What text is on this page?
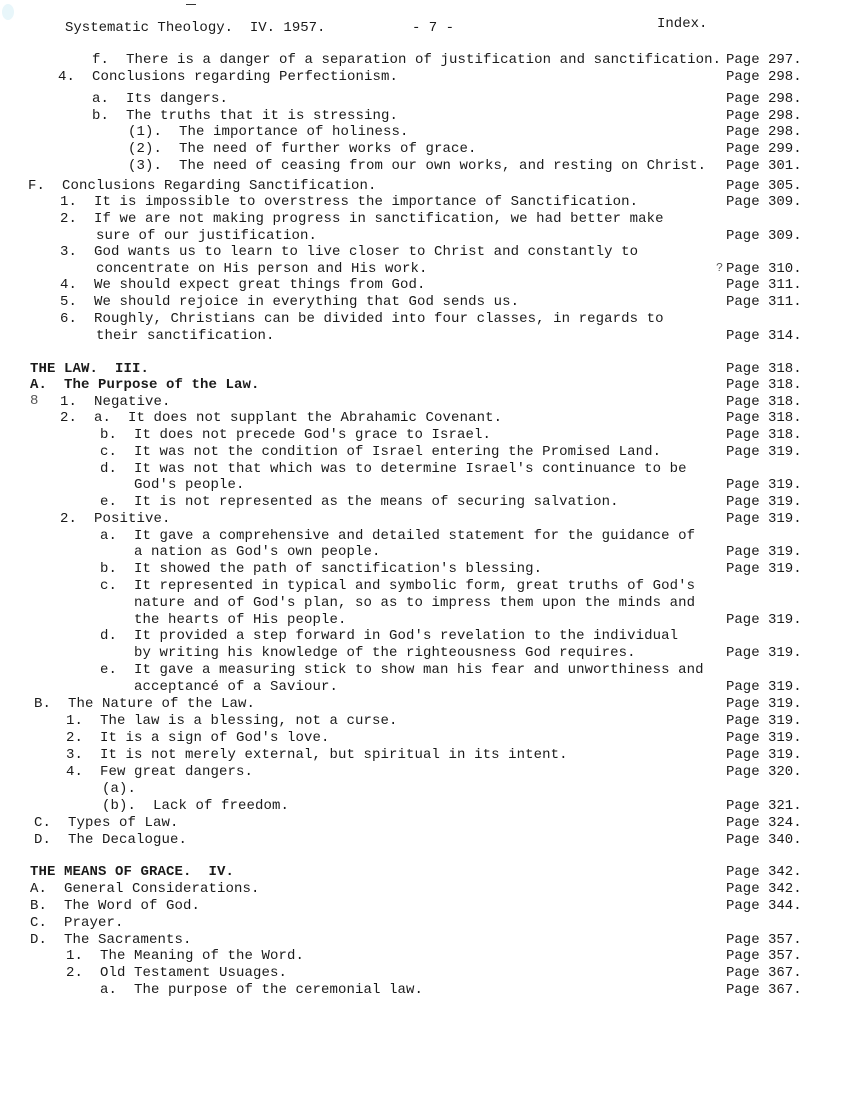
Systematic Theology.  IV. 1957.	- 7 -	Index.
f.  There is a danger of a separation of justification and sanctification. Page 297.
4.  Conclusions regarding Perfectionism.	Page 298.
a.  Its dangers.	Page 298.
b.  The truths that it is stressing.	Page 298.
(1).  The importance of holiness.	Page 298.
(2).  The need of further works of grace.	Page 299.
(3).  The need of ceasing from our own works, and resting on Christ. Page 301.
F.  Conclusions Regarding Sanctification.	Page 305.
1.  It is impossible to overstress the importance of Sanctification.	Page 309.
2.  If we are not making progress in sanctification, we had better make
sure of our justification.	Page 309.
3.  God wants us to learn to live closer to Christ and constantly to
concentrate on His person and His work.	Page 310.
4.  We should expect great things from God.	Page 311.
5.  We should rejoice in everything that God sends us.	Page 311.
6.  Roughly, Christians can be divided into four classes, in regards to
their sanctification.	Page 314.
THE LAW.  III.	Page 318.
A.  The Purpose of the Law.	Page 318.
1.  Negative.	Page 318.
2.  a.  It does not supplant the Abrahamic Covenant.	Page 318.
b.  It does not precede God's grace to Israel.	Page 318.
c.  It was not the condition of Israel entering the Promised Land.	Page 319.
d.  It was not that which was to determine Israel's continuance to be
God's people.	Page 319.
e.  It is not represented as the means of securing salvation.	Page 319.
2.  Positive.	Page 319.
a.  It gave a comprehensive and detailed statement for the guidance of
a nation as God's own people.	Page 319.
b.  It showed the path of sanctification's blessing.	Page 319.
c.  It represented in typical and symbolic form, great truths of God's
nature and of God's plan, so as to impress them upon the minds and
the hearts of His people.	Page 319.
d.  It provided a step forward in God's revelation to the individual
by writing his knowledge of the righteousness God requires.	Page 319.
e.  It gave a measuring stick to show man his fear and unworthiness and
acceptancé of a Saviour.	Page 319.
B.  The Nature of the Law.	Page 319.
1.  The law is a blessing, not a curse.	Page 319.
2.  It is a sign of God's love.	Page 319.
3.  It is not merely external, but spiritual in its intent.	Page 319.
4.  Few great dangers.	Page 320.
(a).
(b).  Lack of freedom.	Page 321.
C.  Types of Law.	Page 324.
D.  The Decalogue.	Page 340.
THE MEANS OF GRACE.  IV.	Page 342.
A.  General Considerations.	Page 342.
B.  The Word of God.	Page 344.
C.  Prayer.
D.  The Sacraments.	Page 357.
1.  The Meaning of the Word.	Page 357.
2.  Old Testament Usuages.	Page 367.
a.  The purpose of the ceremonial law.	Page 367.
?
8
